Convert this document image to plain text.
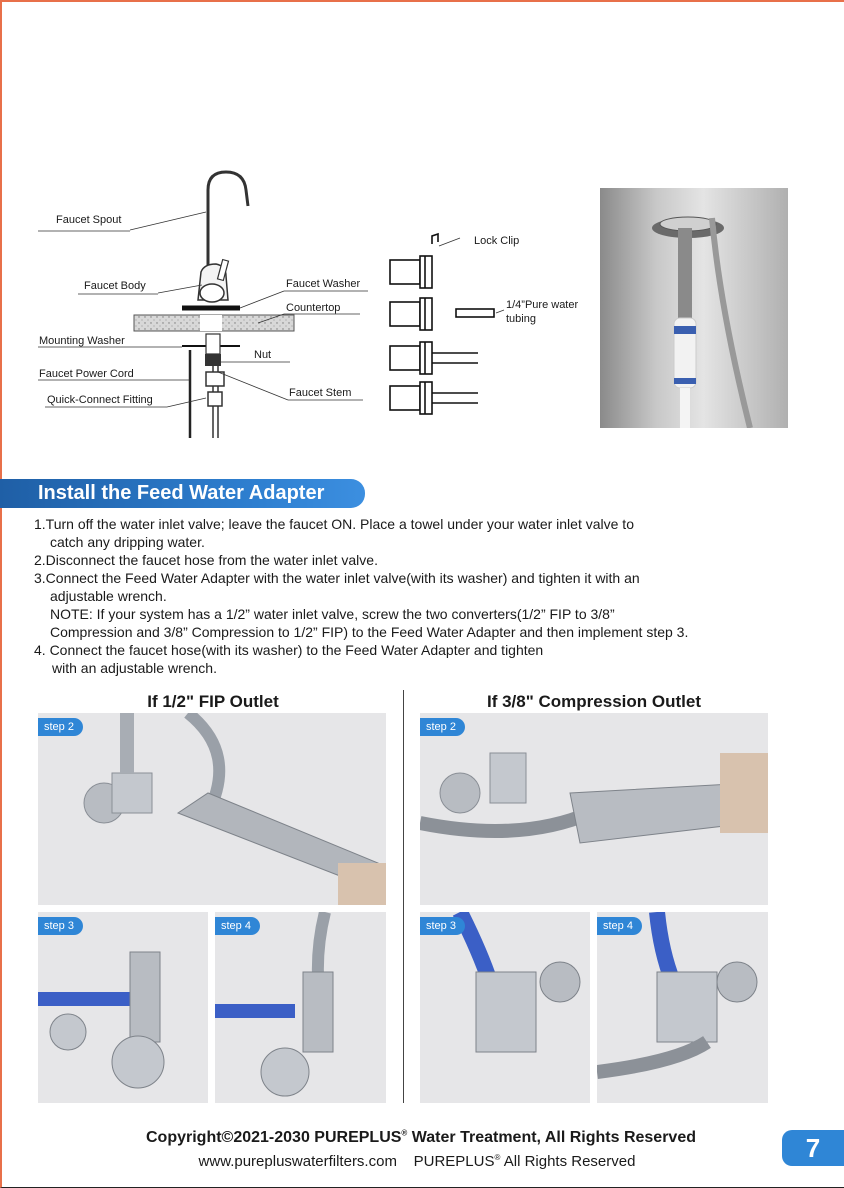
Faucet Spout
Faucet Body	Faucet Washer
Countertop
Mounting Washer
Nut
Faucet Power Cord
Faucet Stem
Quick-Connect Fitting
Lock Clip
1/4”Pure water
tubing
Install the Feed Water Adapter

1.Turn off the water inlet valve; leave the faucet ON. Place a towel under your water inlet valve to

catch any dripping water.

2.Disconnect the faucet hose from the water inlet valve.

3.Connect the Feed Water Adapter with the water inlet valve(with its washer) and tighten it with an

adjustable wrench.

NOTE: If your system has a 1/2” water inlet valve, screw the two converters(1/2” FIP to 3/8”

Compression and 3/8” Compression to 1/2” FIP) to the Feed Water Adapter and then implement step 3.

4. Connect the faucet hose(with its washer) to the Feed Water Adapter and tighten

with an adjustable wrench.

If 1/2" FIP Outlet	If 3/8" Compression Outlet
step 2
step 3	step 4
step 2
step 3	step 4
Copyright©2021-2030 PUREPLUS® Water Treatment, All Rights Reserved
www.purepluswaterfilters.com PUREPLUS® All Rights Reserved	7
